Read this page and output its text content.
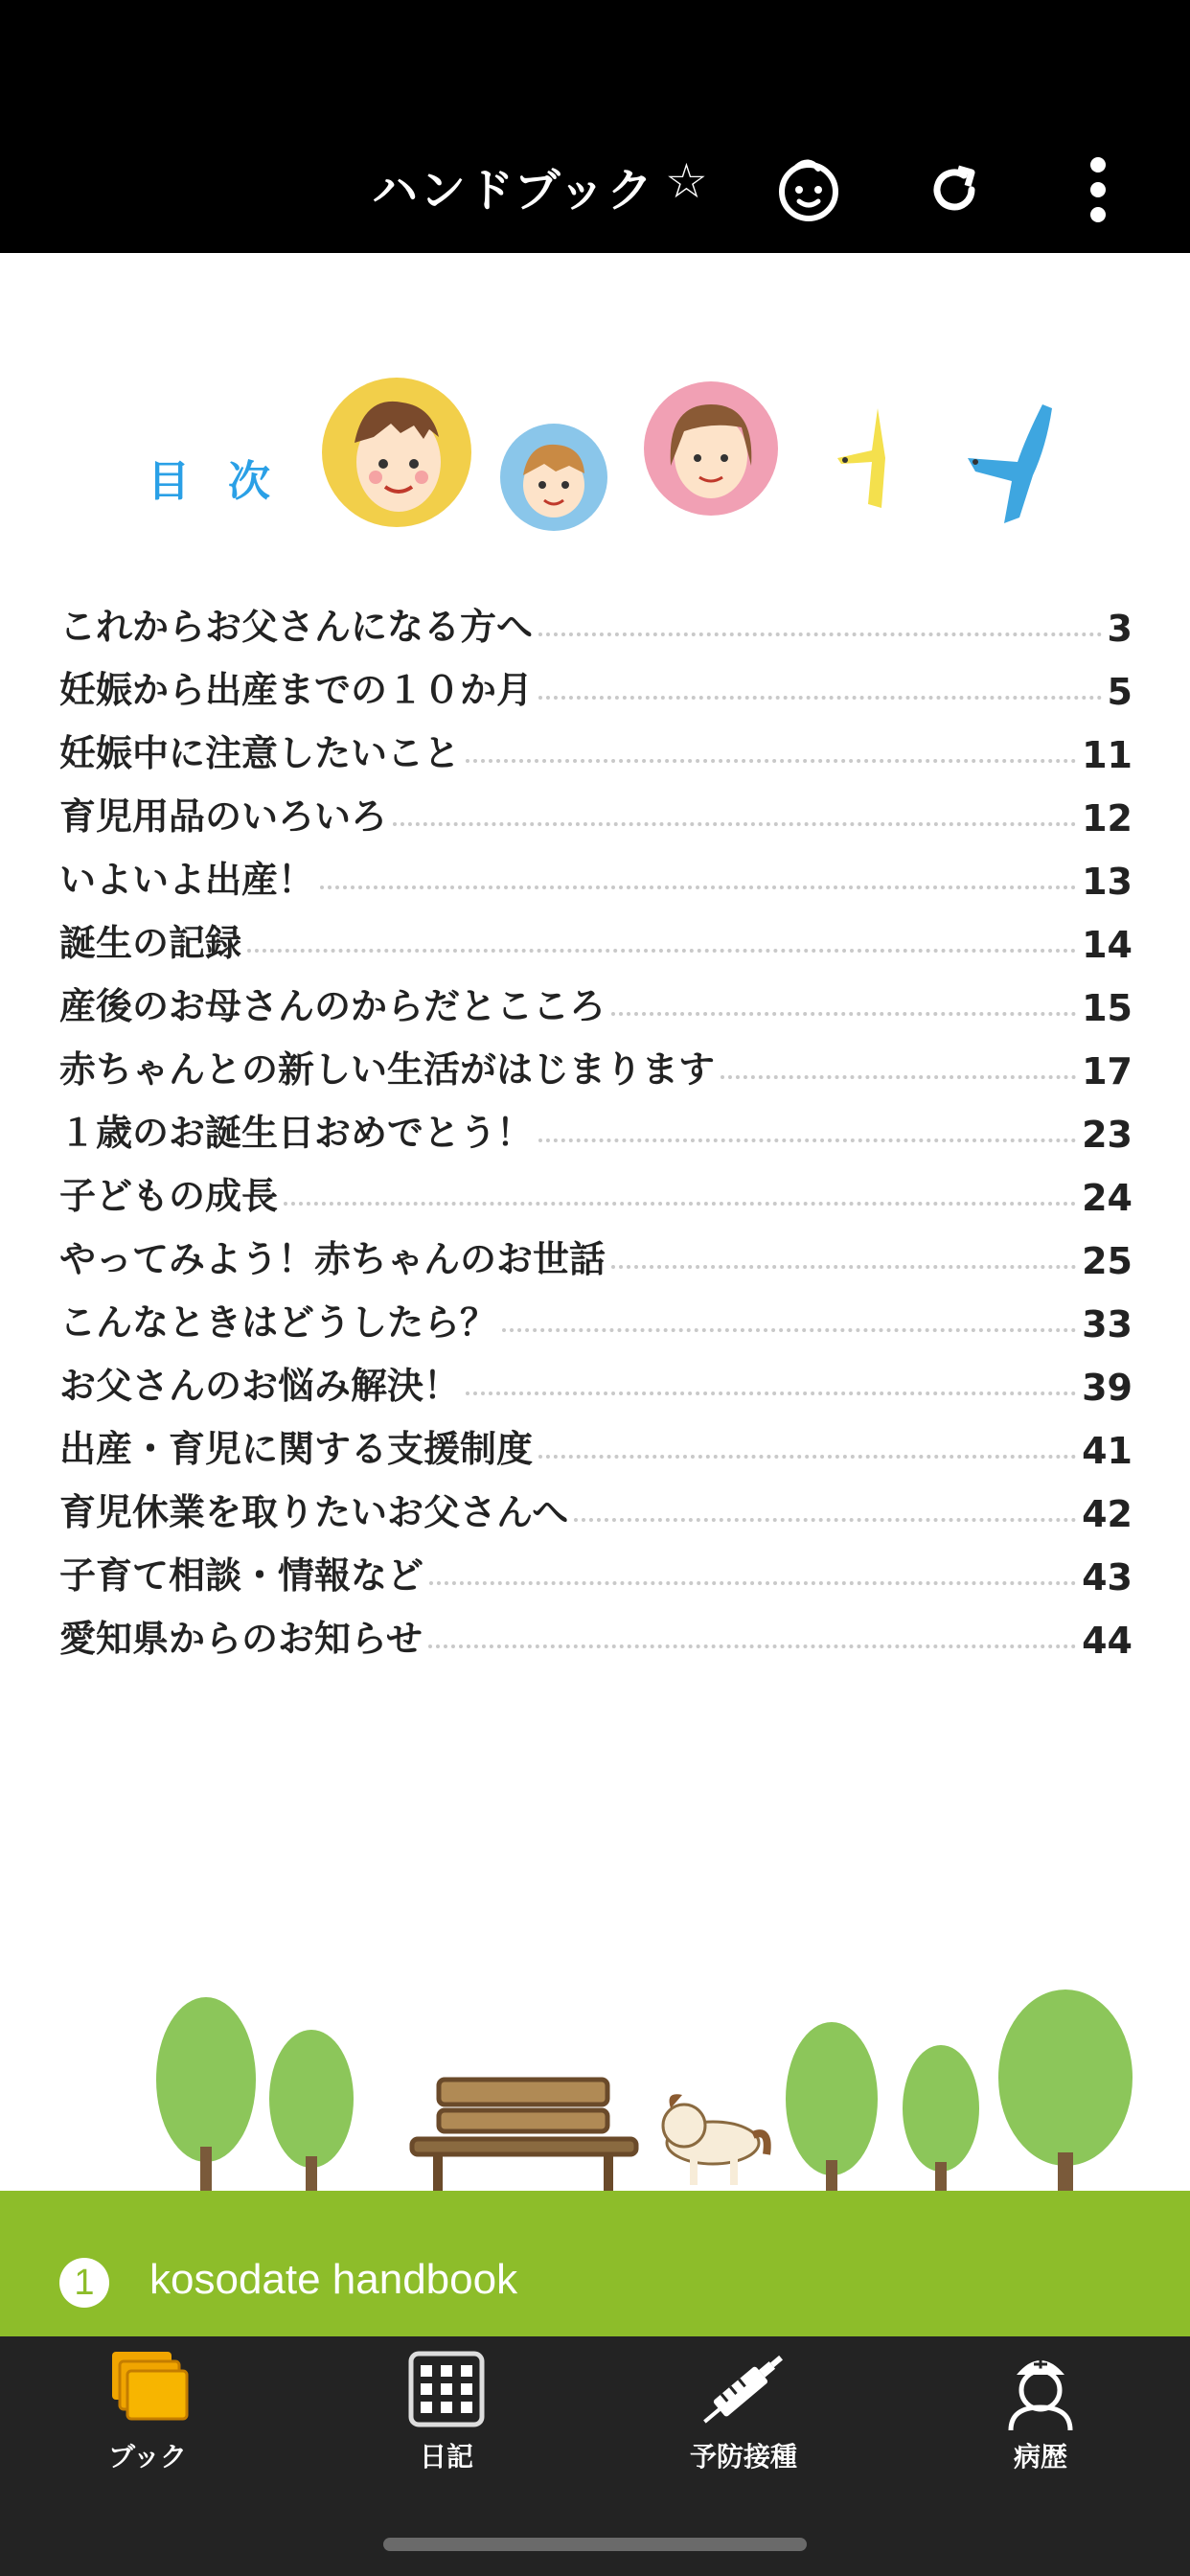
ハンドブック ☆
目次
これからお父さんになる方へ	3
妊娠から出産までの１０か月	5
妊娠中に注意したいこと	11
育児用品のいろいろ	12
いよいよ出産！	13
誕生の記録	14
産後のお母さんのからだとこころ	15
赤ちゃんとの新しい生活がはじまります	17
１歳のお誕生日おめでとう！	23
子どもの成長	24
やってみよう！赤ちゃんのお世話	25
こんなときはどうしたら？	33
お父さんのお悩み解決！	39
出産・育児に関する支援制度	41
育児休業を取りたいお父さんへ	42
子育て相談・情報など	43
愛知県からのお知らせ	44
1	kosodate handbook
ブック	日記	予防接種	病歴
